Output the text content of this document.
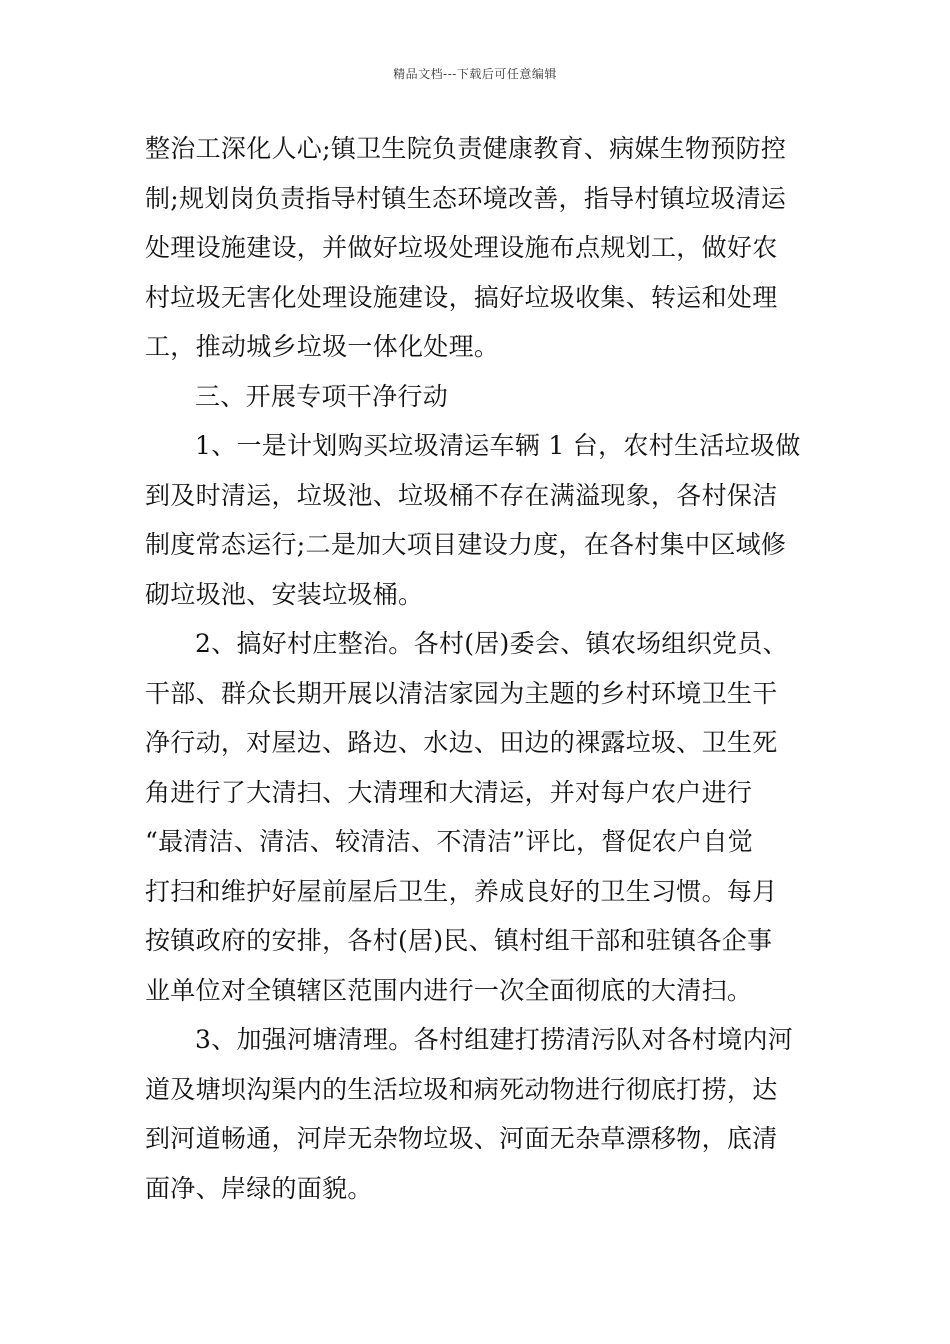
精品文档---下载后可任意编辑

整治工深化人心;镇卫生院负责健康教育、病媒生物预防控
制;规划岗负责指导村镇生态环境改善，指导村镇垃圾清运
处理设施建设，并做好垃圾处理设施布点规划工，做好农
村垃圾无害化处理设施建设，搞好垃圾收集、转运和处理
工，推动城乡垃圾一体化处理。

三、开展专项干净行动

1、一是计划购买垃圾清运车辆 1 台，农村生活垃圾做
到及时清运，垃圾池、垃圾桶不存在满溢现象，各村保洁
制度常态运行;二是加大项目建设力度，在各村集中区域修
砌垃圾池、安装垃圾桶。

2、搞好村庄整治。各村(居)委会、镇农场组织党员、
干部、群众长期开展以清洁家园为主题的乡村环境卫生干
净行动，对屋边、路边、水边、田边的裸露垃圾、卫生死
角进行了大清扫、大清理和大清运，并对每户农户进行
“最清洁、清洁、较清洁、不清洁”评比，督促农户自觉
打扫和维护好屋前屋后卫生，养成良好的卫生习惯。每月
按镇政府的安排，各村(居)民、镇村组干部和驻镇各企事
业单位对全镇辖区范围内进行一次全面彻底的大清扫。

3、加强河塘清理。各村组建打捞清污队对各村境内河
道及塘坝沟渠内的生活垃圾和病死动物进行彻底打捞，达
到河道畅通，河岸无杂物垃圾、河面无杂草漂移物，底清
面净、岸绿的面貌。
